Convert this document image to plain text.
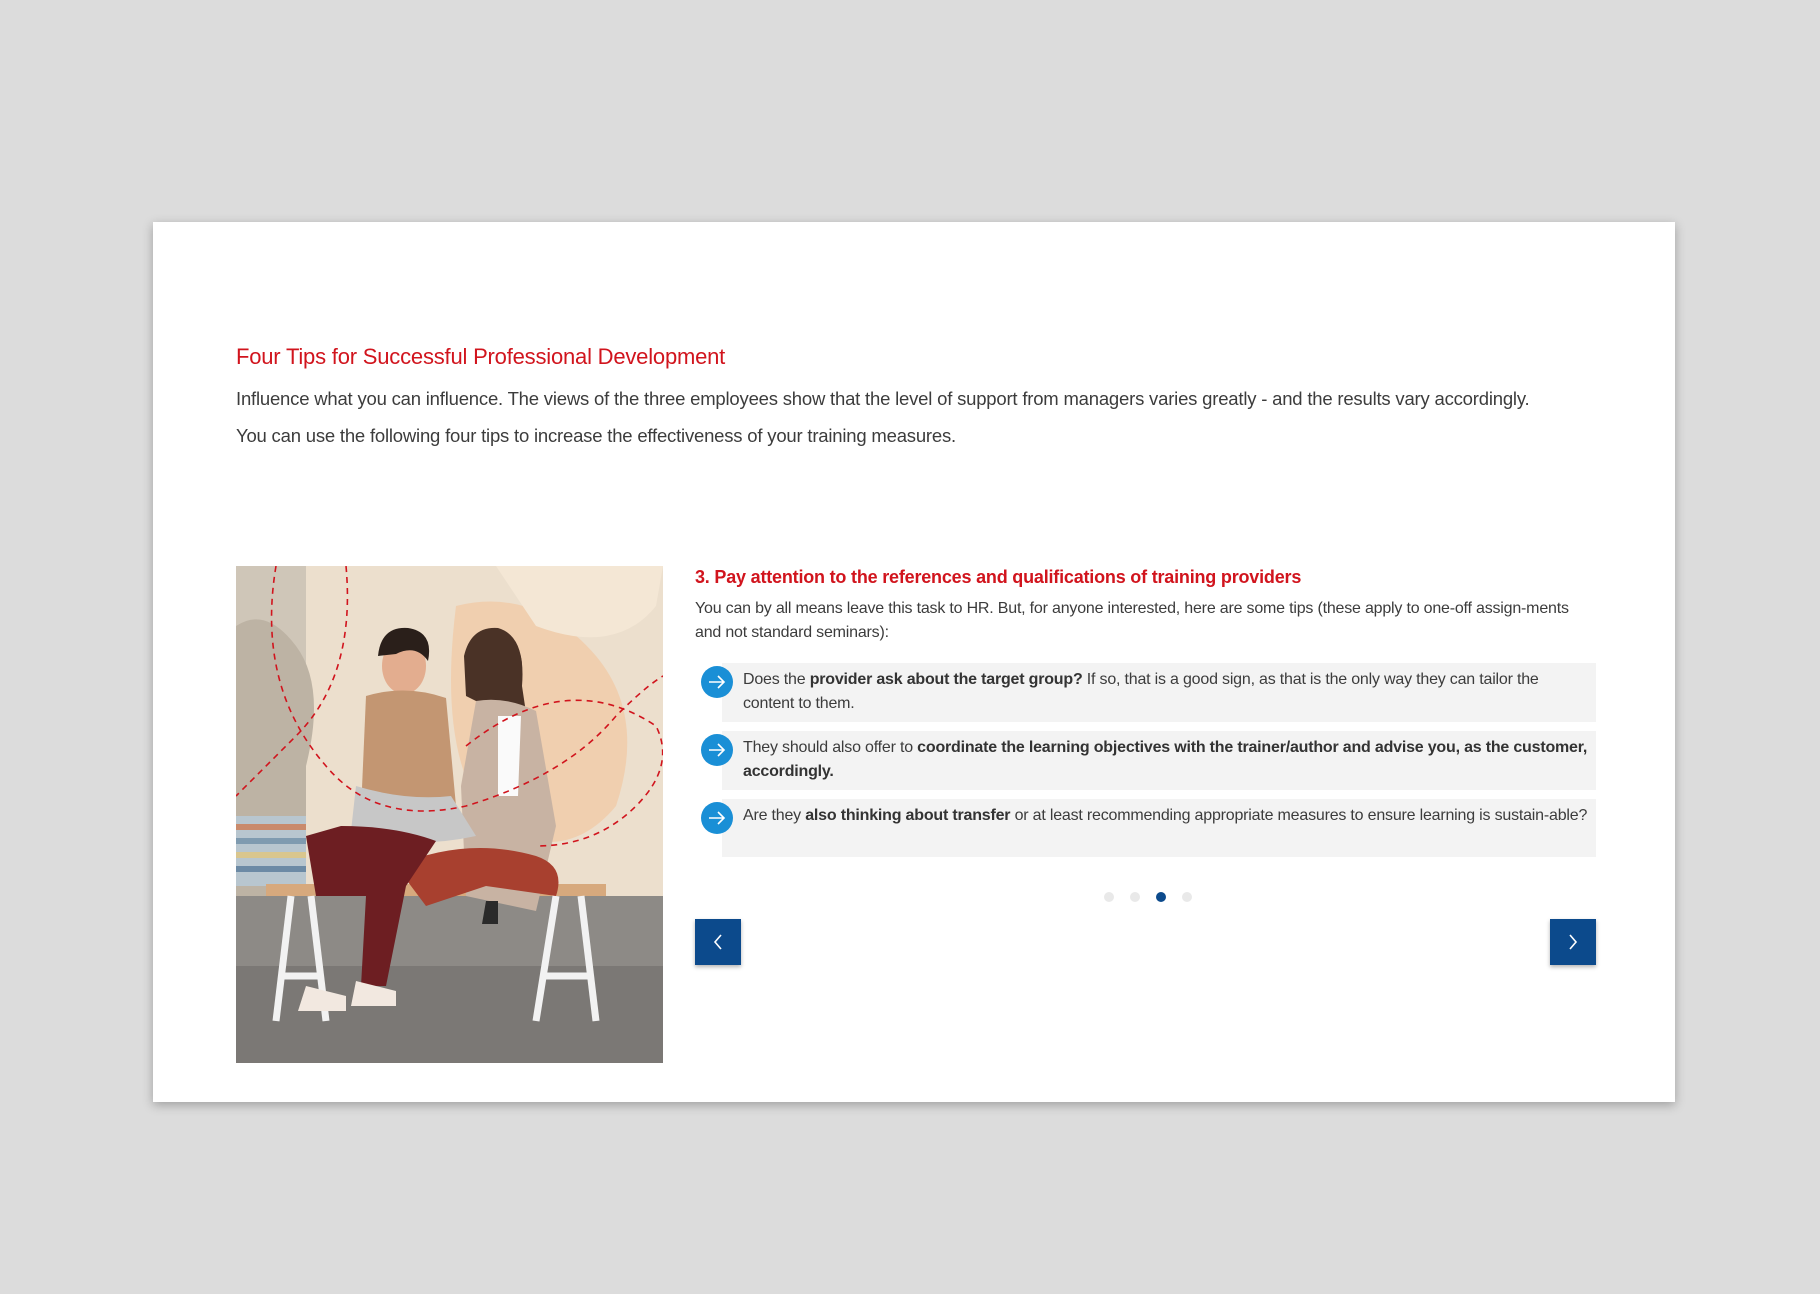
Four Tips for Successful Professional Development

Influence what you can influence. The views of the three employees show that the level of support from managers varies greatly - and the results vary accordingly.
You can use the following four tips to increase the effectiveness of your training measures.

3. Pay attention to the references and qualifications of training providers

You can by all means leave this task to HR. But, for anyone interested, here are some tips (these apply to one-off assign-ments and not standard seminars):

Does the provider ask about the target group? If so, that is a good sign, as that is the only way they can tailor the content to them.
They should also offer to coordinate the learning objectives with the trainer/author and advise you, as the customer, accordingly.
Are they also thinking about transfer or at least recommending appropriate measures to ensure learning is sustain-able?
